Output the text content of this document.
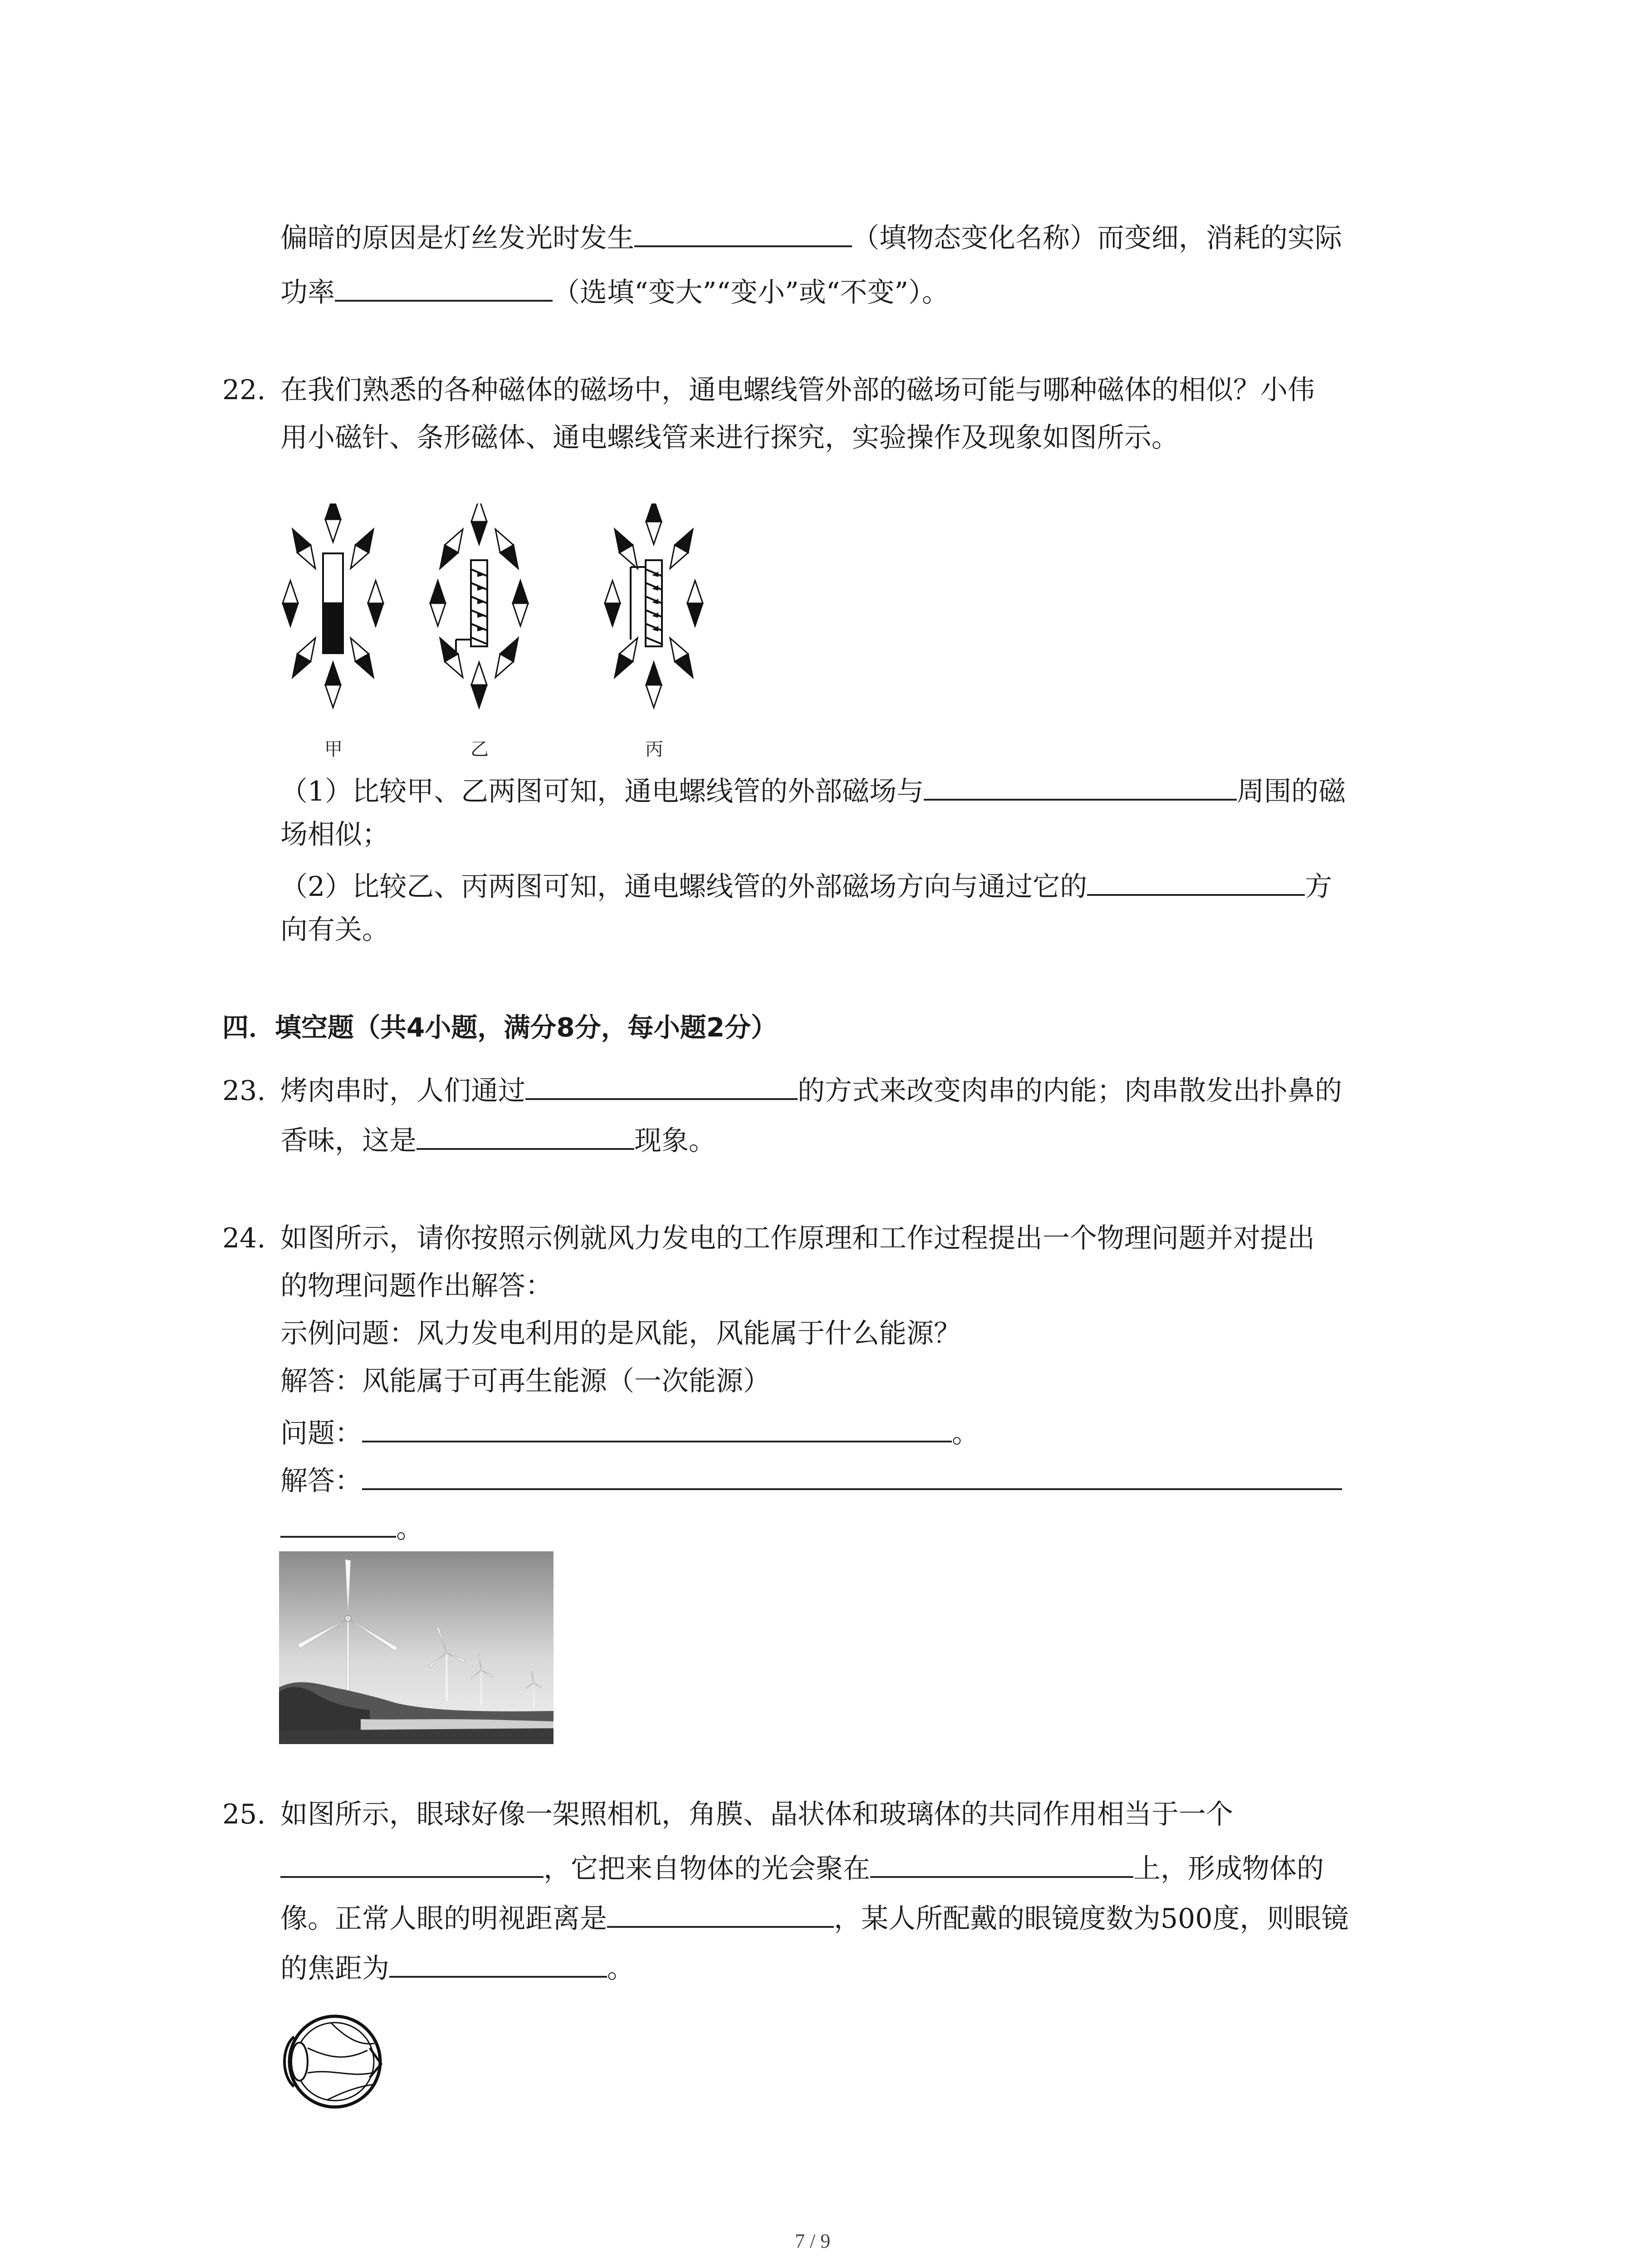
偏暗的原因是灯丝发光时发生	（填物态变化名称）而变细，消耗的实际
功率	（选填“变大”“变小”或“不变”）。
22. 在我们熟悉的各种磁体的磁场中，通电螺线管外部的磁场可能与哪种磁体的相似？小伟
用小磁针、条形磁体、通电螺线管来进行探究，实验操作及现象如图所示。
甲	乙	丙
（1）比较甲、乙两图可知，通电螺线管的外部磁场与	周围的磁
场相似；
（2）比较乙、丙两图可知，通电螺线管的外部磁场方向与通过它的	方
向有关。
四．填空题（共4小题，满分8分，每小题2分）
23. 烤肉串时，人们通过	的方式来改变肉串的内能；肉串散发出扑鼻的
香味，这是	现象。
24. 如图所示，请你按照示例就风力发电的工作原理和工作过程提出一个物理问题并对提出
的物理问题作出解答：
示例问题：风力发电利用的是风能，风能属于什么能源？
解答：风能属于可再生能源（一次能源）
问题：	。
解答：
。
25. 如图所示，眼球好像一架照相机，角膜、晶状体和玻璃体的共同作用相当于一个
，它把来自物体的光会聚在	上，形成物体的
像。正常人眼的明视距离是	，某人所配戴的眼镜度数为500度，则眼镜
的焦距为	。
7 / 9
